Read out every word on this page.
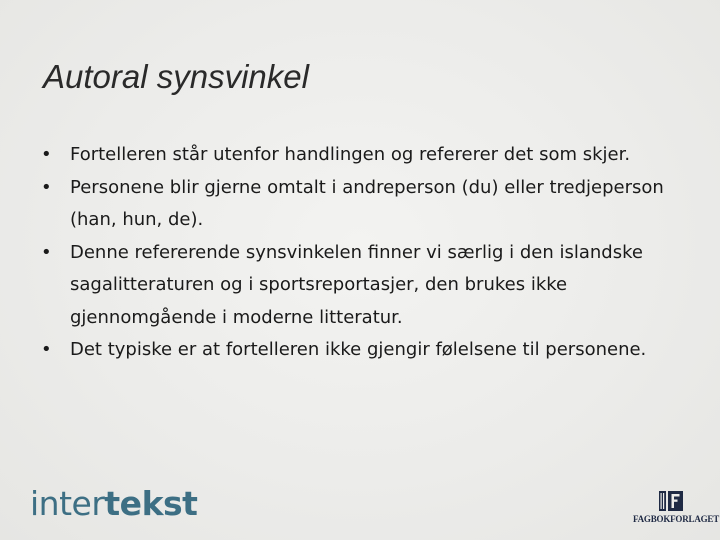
Autoral synsvinkel
• Fortelleren står utenfor handlingen og refererer det som skjer.
• Personene blir gjerne omtalt i andreperson (du) eller tredjeperson (han, hun, de).
• Denne refererende synsvinkelen finner vi særlig i den islandske sagalitteraturen og i sportsreportasjer, den brukes ikke gjennomgående i moderne litteratur.
• Det typiske er at fortelleren ikke gjengir følelsene til personene.
intertekst	FAGBOKFORLAGET
